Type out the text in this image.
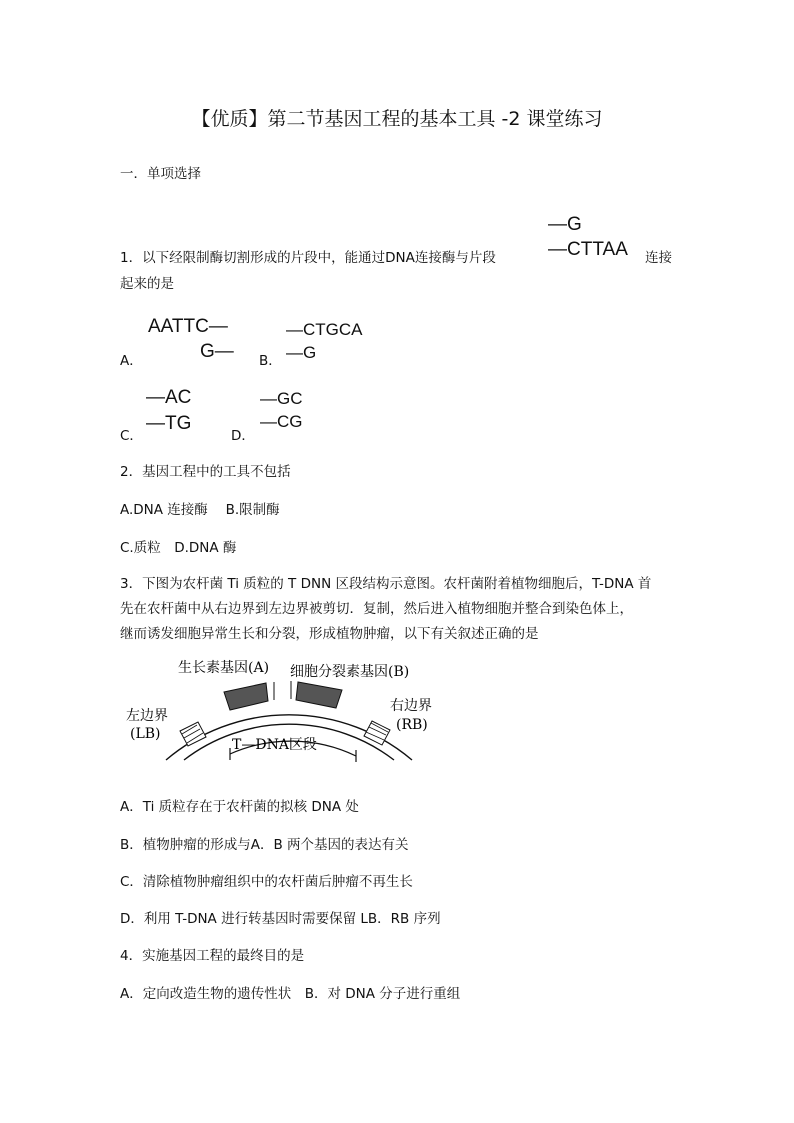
【优质】第二节基因工程的基本工具 -2 课堂练习
一．单项选择
1．以下经限制酶切割形成的片段中，能通过DNA连接酶与片段
—G
—CTTAA 连接
起来的是
A．
AATTC—
G— B．
—CTGCA
—G
C．
—AC
—TG
D．
—GC
—CG
2．基因工程中的工具不包括
A.DNA 连接酶　 B.限制酶
C.质粒　D.DNA 酶
3．下图为农杆菌 Ti 质粒的 T DNN 区段结构示意图。农杆菌附着植物细胞后，T-DNA 首
先在农杆菌中从右边界到左边界被剪切．复制，然后进入植物细胞并整合到染色体上，
继而诱发细胞异常生长和分裂，形成植物肿瘤，以下有关叙述正确的是
生长素基因(A) 细胞分裂素基因(B)
左边界
(LB)
右边界
(RB)
T—DNA区段
A．Ti 质粒存在于农杆菌的拟核 DNA 处
B．植物肿瘤的形成与A．B 两个基因的表达有关
C．清除植物肿瘤组织中的农杆菌后肿瘤不再生长
D．利用 T-DNA 进行转基因时需要保留 LB．RB 序列
4．实施基因工程的最终目的是
A．定向改造生物的遗传性状　B．对 DNA 分子进行重组
